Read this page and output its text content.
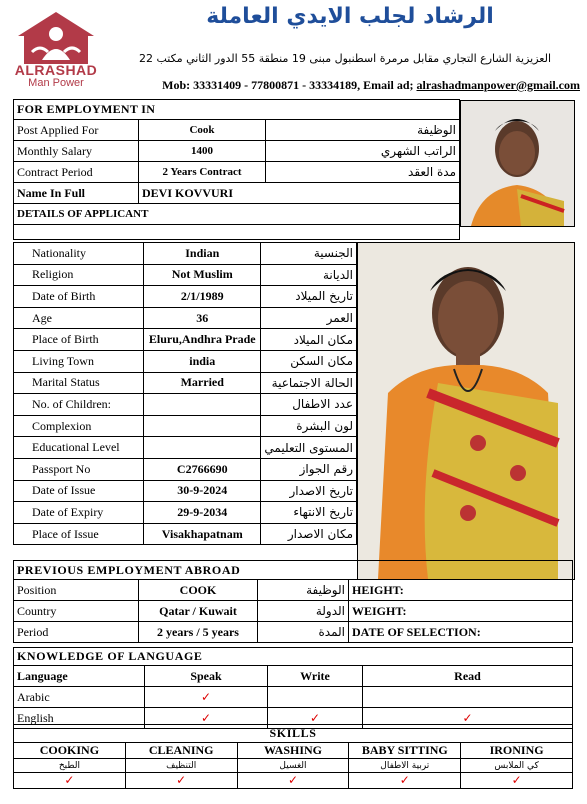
ALRASHAD
Man Power
الرشاد لجلب الايدي العاملة
العزيزية الشارع التجاري مقابل مرمرة اسطنبول مبنى 19 منطقة 55 الدور الثاني مكتب 22
Mob: 33331409 - 77800871 - 33334189, Email ad; alrashadmanpower@gmail.com
FOR EMPLOYMENT IN		
Post Applied For	Cook	الوظيفة
Monthly Salary	1400	الراتب الشهري
Contract Period	2 Years Contract	مدة العقد
Name In Full	DEVI KOVVURI	
DETAILS OF APPLICANT		

Nationality	Indian	الجنسية
Religion	Not Muslim	الديانة
Date of Birth	2/1/1989	تاريخ الميلاد
Age	36	العمر
Place of Birth	Eluru,Andhra Prade	مكان الميلاد
Living Town	india	مكان السكن
Marital Status	Married	الحالة الاجتماعية
No. of Children:		عدد الاطفال
Complexion		لون البشرة
Educational Level		المستوى التعليمي
Passport No	C2766690	رقم الجواز
Date of Issue	30-9-2024	تاريخ الاصدار
Date of Expiry	29-9-2034	تاريخ الانتهاء
Place of Issue	Visakhapatnam	مكان الاصدار
PREVIOUS EMPLOYMENT ABROAD			
Position	COOK	الوظيفة	HEIGHT:
Country	Qatar / Kuwait	الدولة	WEIGHT:
Period	2 years / 5 years	المدة	DATE OF SELECTION:
KNOWLEDGE OF LANGUAGE			
Language	Speak	Write	Read
Arabic	✓		
English	✓	✓	✓
SKILLS				
COOKING	CLEANING	WASHING	BABY SITTING	IRONING
الطبخ	التنظيف	الغسيل	تربية الاطفال	كي الملابس
✓	✓	✓	✓	✓
